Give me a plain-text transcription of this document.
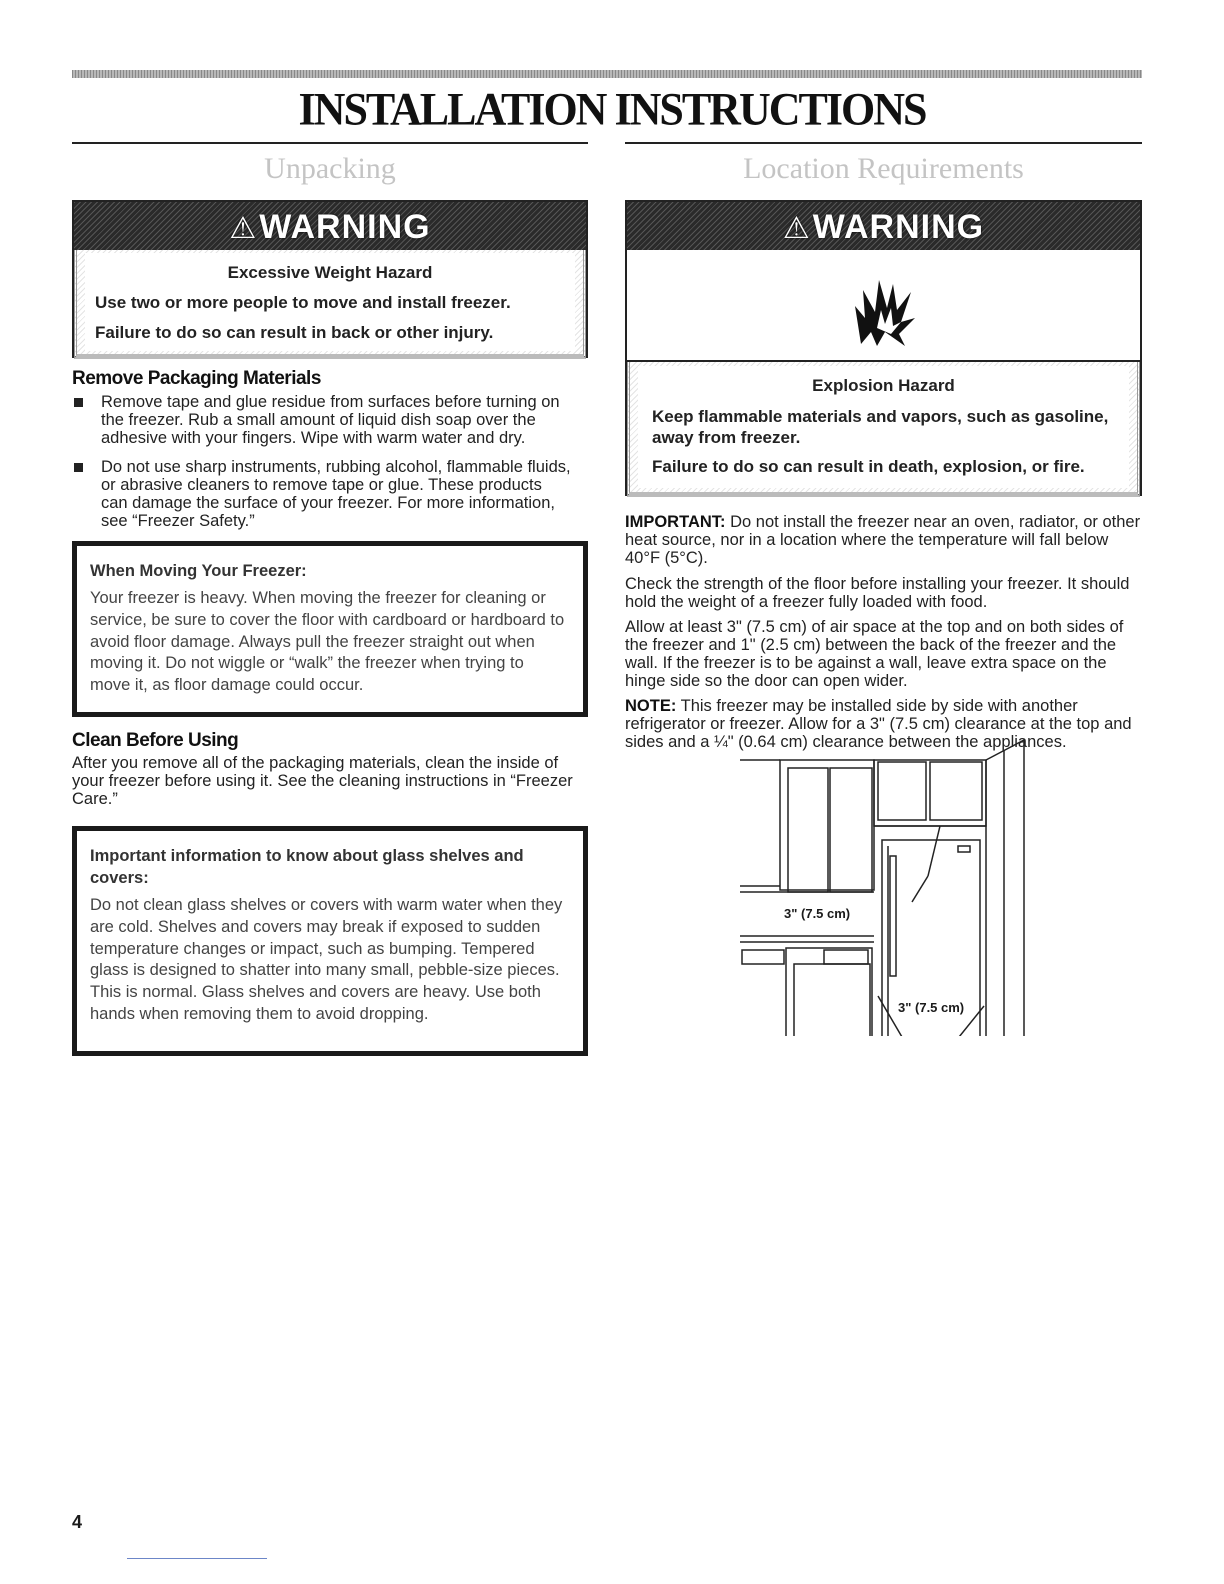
INSTALLATION INSTRUCTIONS
Unpacking
⚠WARNING
Excessive Weight Hazard
Use two or more people to move and install freezer.
Failure to do so can result in back or other injury.
Remove Packaging Materials
Remove tape and glue residue from surfaces before turning on the freezer. Rub a small amount of liquid dish soap over the adhesive with your fingers. Wipe with warm water and dry.
Do not use sharp instruments, rubbing alcohol, flammable fluids, or abrasive cleaners to remove tape or glue. These products can damage the surface of your freezer. For more information, see “Freezer Safety.”
When Moving Your Freezer:
Your freezer is heavy. When moving the freezer for cleaning or service, be sure to cover the floor with cardboard or hardboard to avoid floor damage. Always pull the freezer straight out when moving it. Do not wiggle or “walk” the freezer when trying to move it, as floor damage could occur.
Clean Before Using
After you remove all of the packaging materials, clean the inside of your freezer before using it. See the cleaning instructions in “Freezer Care.”
Important information to know about glass shelves and covers:
Do not clean glass shelves or covers with warm water when they are cold. Shelves and covers may break if exposed to sudden temperature changes or impact, such as bumping. Tempered glass is designed to shatter into many small, pebble-size pieces. This is normal. Glass shelves and covers are heavy. Use both hands when removing them to avoid dropping.
Location Requirements
⚠WARNING
Explosion Hazard
Keep flammable materials and vapors, such as gasoline, away from freezer.
Failure to do so can result in death, explosion, or fire.
IMPORTANT: Do not install the freezer near an oven, radiator, or other heat source, nor in a location where the temperature will fall below 40°F (5°C).
Check the strength of the floor before installing your freezer. It should hold the weight of a freezer fully loaded with food.
Allow at least 3" (7.5 cm) of air space at the top and on both sides of the freezer and 1" (2.5 cm) between the back of the freezer and the wall. If the freezer is to be against a wall, leave extra space on the hinge side so the door can open wider.
NOTE: This freezer may be installed side by side with another refrigerator or freezer. Allow for a 3" (7.5 cm) clearance at the top and sides and a ¼" (0.64 cm) clearance between the appliances.
3" (7.5 cm)
3" (7.5 cm)
4
